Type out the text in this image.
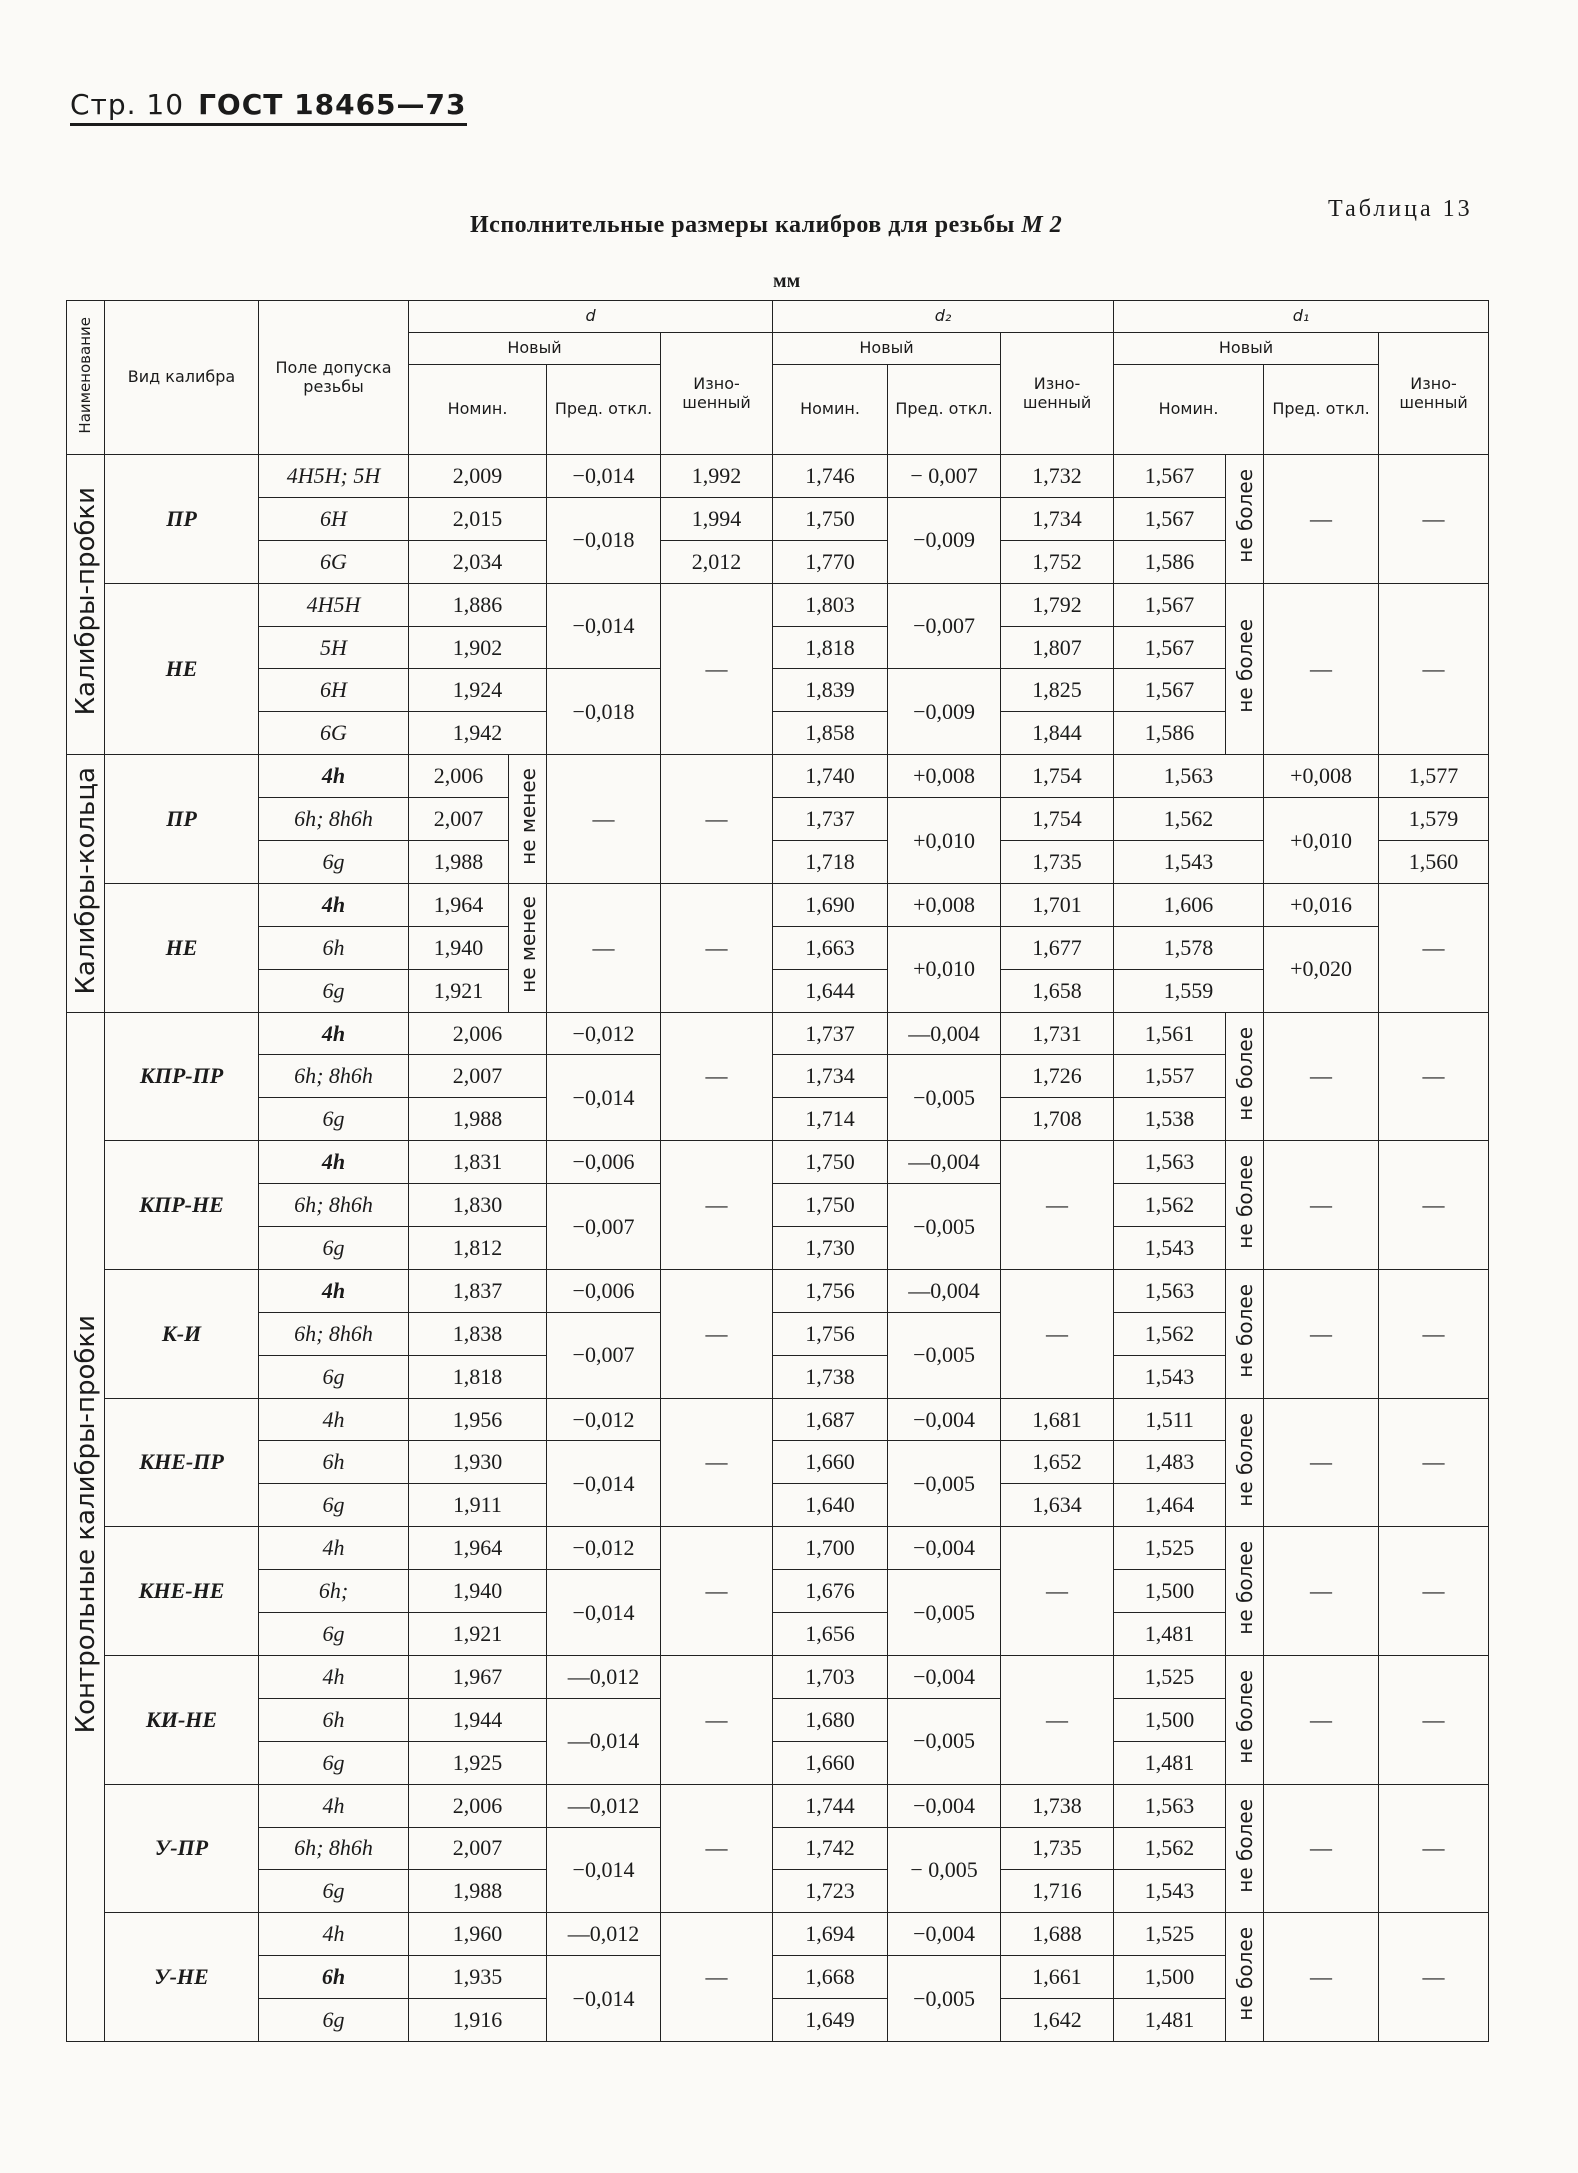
Стр. 10 ГОСТ 18465—73
Таблица 13
Исполнительные размеры калибров для резьбы М 2
мм
Наименование	Вид калибра	Поле допуска резьбы	d				d₂			d₁			
			Новый			Изно-шенный	Новый		Изно-шенный	Новый			Изно-шенный
			Номин.		Пред. откл.		Номин.	Пред. откл.		Номин.		Пред. откл.	
Калибры-пробки	ПР	4H5H; 5H	2,009		−0,014	1,992	1,746	− 0,007	1,732	1,567	не более	—	—
		6H	2,015		−0,018	1,994	1,750	−0,009	1,734	1,567			
		6G	2,034			2,012	1,770		1,752	1,586			
	НЕ	4H5H	1,886		−0,014	—	1,803	−0,007	1,792	1,567	не более	—	—
		5H	1,902				1,818		1,807	1,567			
		6H	1,924		−0,018		1,839	−0,009	1,825	1,567			
		6G	1,942				1,858		1,844	1,586			
Калибры-кольца	ПР	4h	2,006	не менее	—	—	1,740	+0,008	1,754	1,563		+0,008	1,577
		6h; 8h6h	2,007				1,737	+0,010	1,754	1,562		+0,010	1,579
		6g	1,988				1,718		1,735	1,543			1,560
	НЕ	4h	1,964	не менее	—	—	1,690	+0,008	1,701	1,606		+0,016	—
		6h	1,940				1,663	+0,010	1,677	1,578		+0,020	
		6g	1,921				1,644		1,658	1,559			
Контрольные калибры-пробки	КПР-ПР	4h	2,006		−0,012	—	1,737	—0,004	1,731	1,561	не более	—	—
		6h; 8h6h	2,007		−0,014		1,734	−0,005	1,726	1,557			
		6g	1,988				1,714		1,708	1,538			
	КПР-НЕ	4h	1,831		−0,006	—	1,750	—0,004	—	1,563	не более	—	—
		6h; 8h6h	1,830		−0,007		1,750	−0,005		1,562			
		6g	1,812				1,730			1,543			
	К-И	4h	1,837		−0,006	—	1,756	—0,004	—	1,563	не более	—	—
		6h; 8h6h	1,838		−0,007		1,756	−0,005		1,562			
		6g	1,818				1,738			1,543			
	КНЕ-ПР	4h	1,956		−0,012	—	1,687	−0,004	1,681	1,511	не более	—	—
		6h	1,930		−0,014		1,660	−0,005	1,652	1,483			
		6g	1,911				1,640		1,634	1,464			
	КНЕ-НЕ	4h	1,964		−0,012	—	1,700	−0,004	—	1,525	не более	—	—
		6h;	1,940		−0,014		1,676	−0,005		1,500			
		6g	1,921				1,656			1,481			
	КИ-НЕ	4h	1,967		—0,012	—	1,703	−0,004	—	1,525	не более	—	—
		6h	1,944		—0,014		1,680	−0,005		1,500			
		6g	1,925				1,660			1,481			
	У-ПР	4h	2,006		—0,012	—	1,744	−0,004	1,738	1,563	не более	—	—
		6h; 8h6h	2,007		−0,014		1,742	− 0,005	1,735	1,562			
		6g	1,988				1,723		1,716	1,543			
	У-НЕ	4h	1,960		—0,012	—	1,694	−0,004	1,688	1,525	не более	—	—
		6h	1,935		−0,014		1,668	−0,005	1,661	1,500			
		6g	1,916				1,649		1,642	1,481			
